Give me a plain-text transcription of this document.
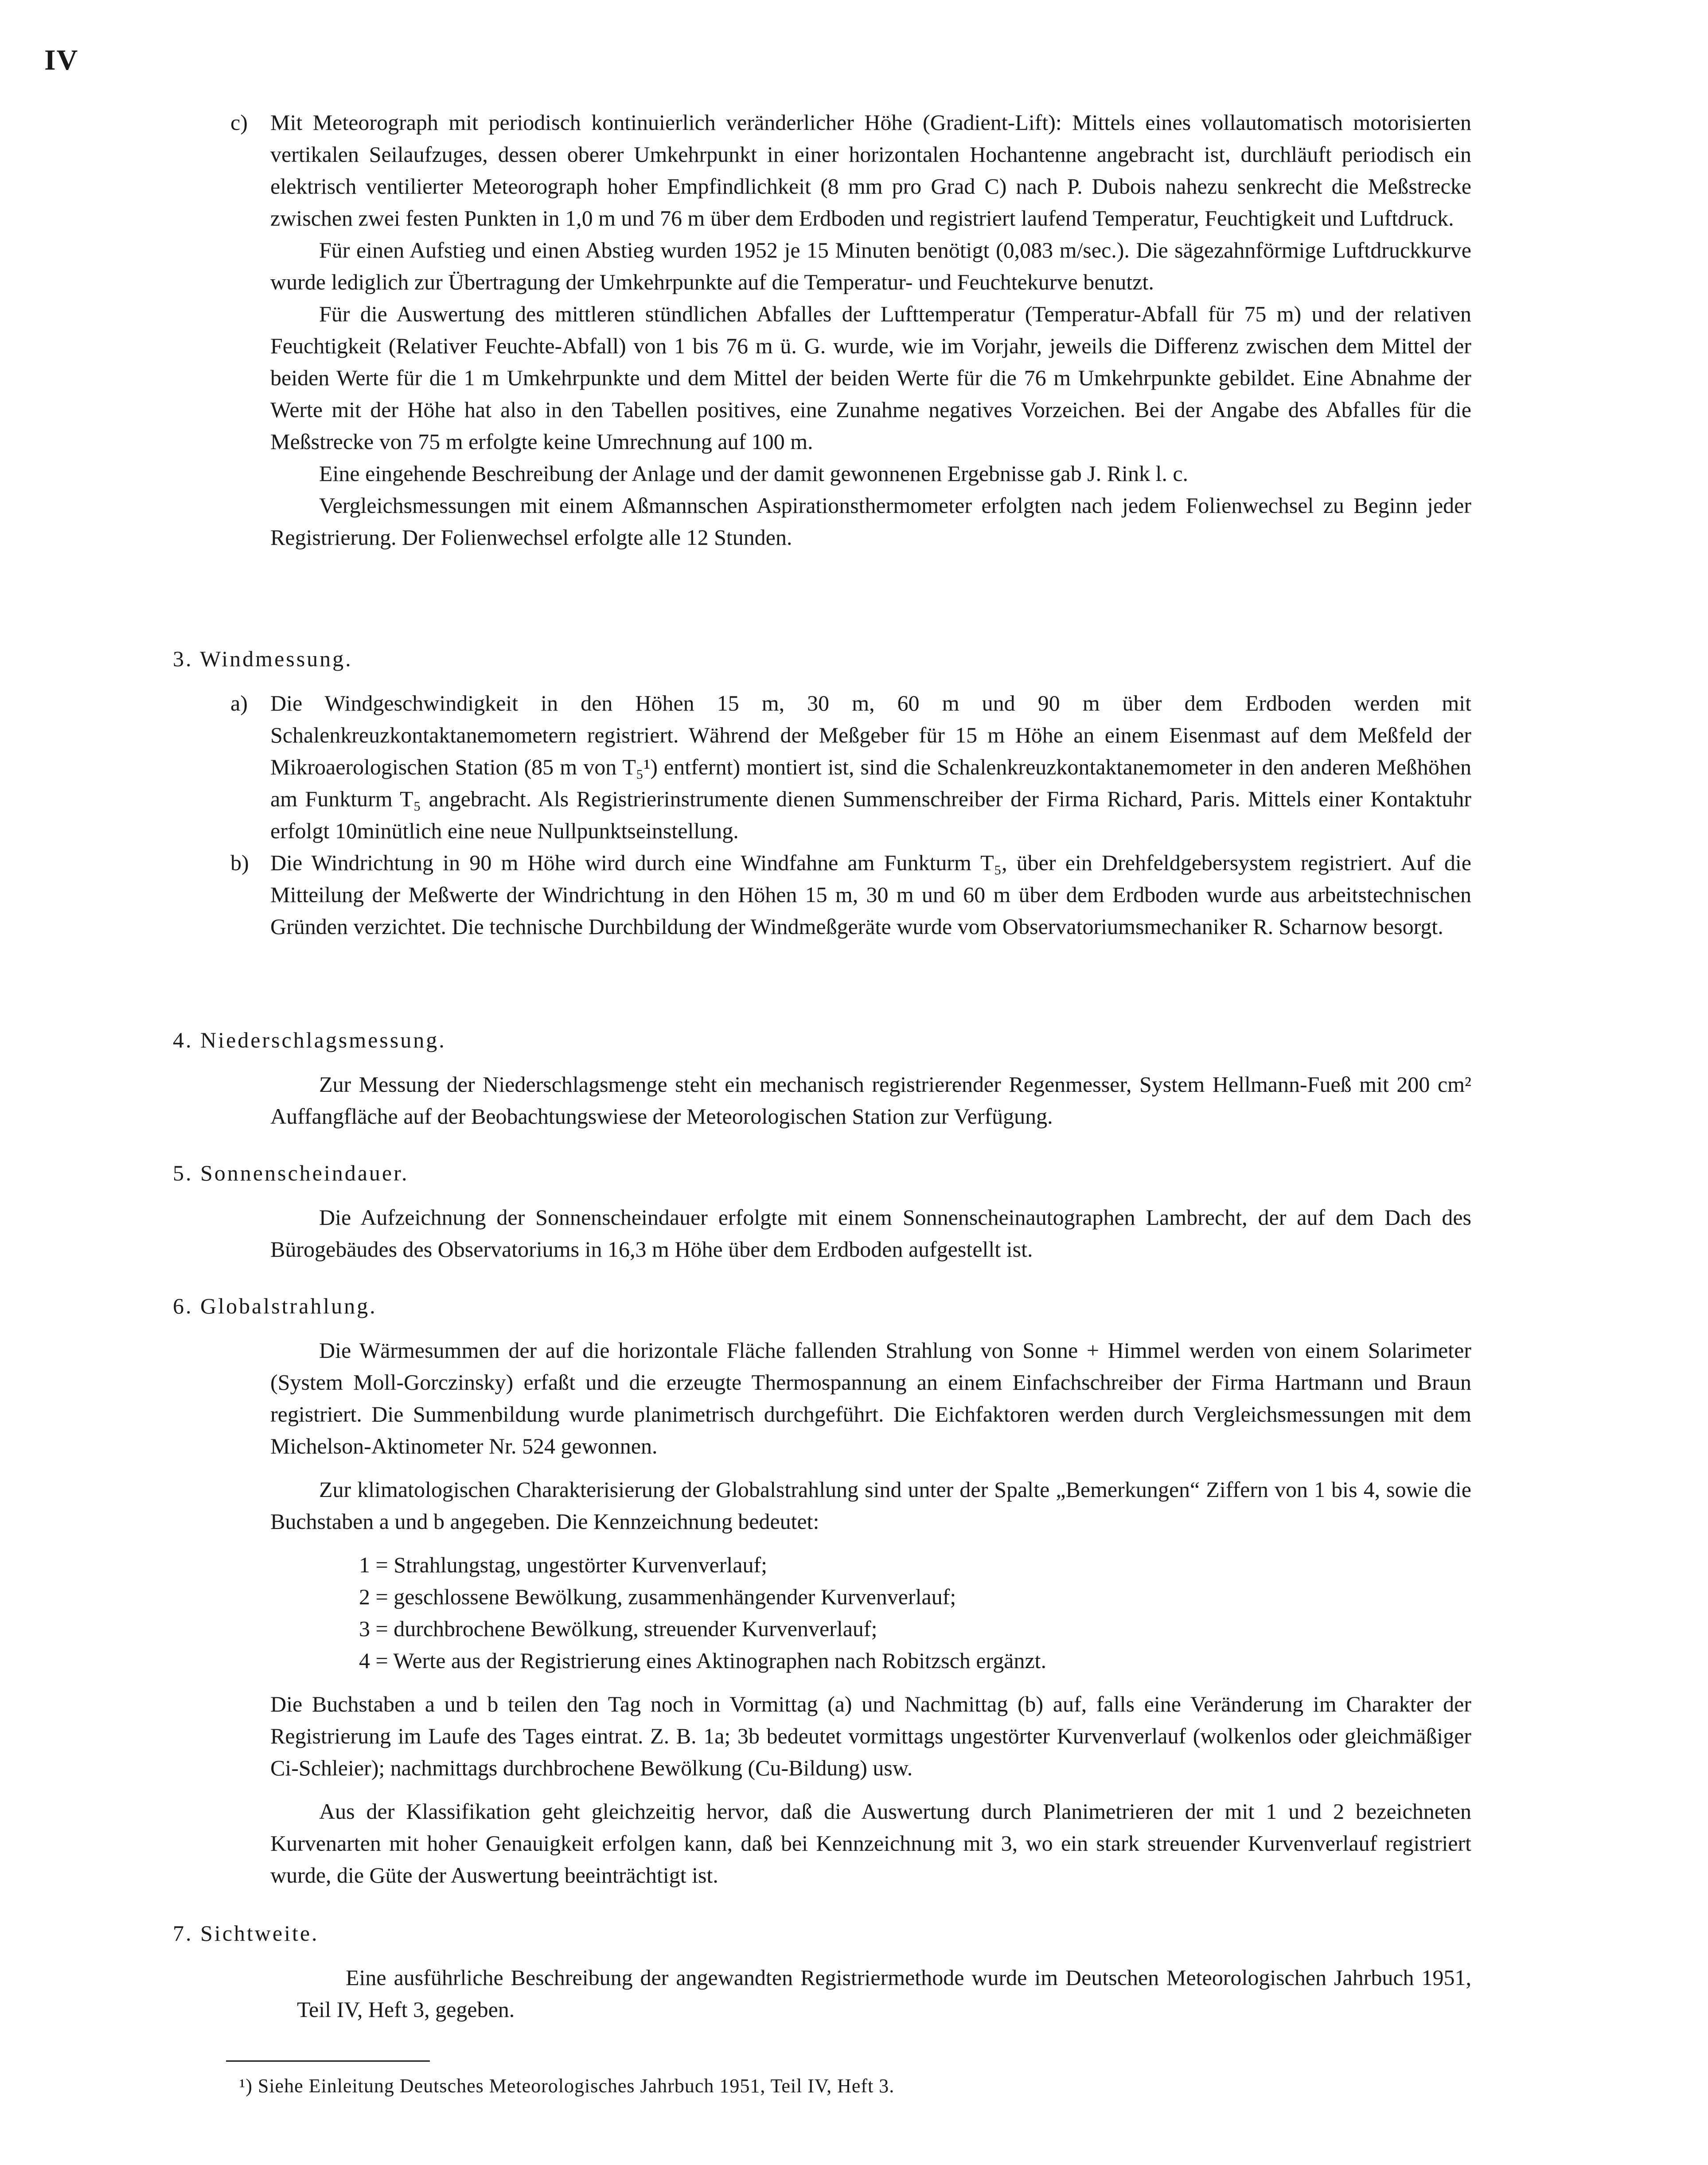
IV
c) Mit Meteorograph mit periodisch kontinuierlich veränderlicher Höhe (Gradient-Lift): Mittels eines vollautomatisch motorisierten vertikalen Seilaufzuges, dessen oberer Umkehrpunkt in einer horizontalen Hochantenne angebracht ist, durchläuft periodisch ein elektrisch ventilierter Meteorograph hoher Empfindlichkeit (8 mm pro Grad C) nach P. Dubois nahezu senkrecht die Meßstrecke zwischen zwei festen Punkten in 1,0 m und 76 m über dem Erdboden und registriert laufend Temperatur, Feuchtigkeit und Luftdruck.

Für einen Aufstieg und einen Abstieg wurden 1952 je 15 Minuten benötigt (0,083 m/sec.). Die sägezahnförmige Luftdruckkurve wurde lediglich zur Übertragung der Umkehrpunkte auf die Temperatur- und Feuchtekurve benutzt.

Für die Auswertung des mittleren stündlichen Abfalles der Lufttemperatur (Temperatur-Abfall für 75 m) und der relativen Feuchtigkeit (Relativer Feuchte-Abfall) von 1 bis 76 m ü. G. wurde, wie im Vorjahr, jeweils die Differenz zwischen dem Mittel der beiden Werte für die 1 m Umkehrpunkte und dem Mittel der beiden Werte für die 76 m Umkehrpunkte gebildet. Eine Abnahme der Werte mit der Höhe hat also in den Tabellen positives, eine Zunahme negatives Vorzeichen. Bei der Angabe des Abfalles für die Meßstrecke von 75 m erfolgte keine Umrechnung auf 100 m.

Eine eingehende Beschreibung der Anlage und der damit gewonnenen Ergebnisse gab J. Rink l. c.

Vergleichsmessungen mit einem Aßmannschen Aspirationsthermometer erfolgten nach jedem Folienwechsel zu Beginn jeder Registrierung. Der Folienwechsel erfolgte alle 12 Stunden.

3. Windmessung.
a) Die Windgeschwindigkeit in den Höhen 15 m, 30 m, 60 m und 90 m über dem Erdboden werden mit Schalenkreuzkontaktanemometern registriert. Während der Meßgeber für 15 m Höhe an einem Eisenmast auf dem Meßfeld der Mikroaerologischen Station (85 m von T₅¹) entfernt) montiert ist, sind die Schalenkreuzkontaktanemometer in den anderen Meßhöhen am Funkturm T₅ angebracht. Als Registrierinstrumente dienen Summenschreiber der Firma Richard, Paris. Mittels einer Kontaktuhr erfolgt 10minütlich eine neue Nullpunktseinstellung.

b) Die Windrichtung in 90 m Höhe wird durch eine Windfahne am Funkturm T₅, über ein Drehfeldgebersystem registriert. Auf die Mitteilung der Meßwerte der Windrichtung in den Höhen 15 m, 30 m und 60 m über dem Erdboden wurde aus arbeitstechnischen Gründen verzichtet. Die technische Durchbildung der Windmeßgeräte wurde vom Observatoriumsmechaniker R. Scharnow besorgt.

4. Niederschlagsmessung.

Zur Messung der Niederschlagsmenge steht ein mechanisch registrierender Regenmesser, System Hellmann-Fueß mit 200 cm² Auffangfläche auf der Beobachtungswiese der Meteorologischen Station zur Verfügung.

5. Sonnenscheindauer.

Die Aufzeichnung der Sonnenscheindauer erfolgte mit einem Sonnenscheinautographen Lambrecht, der auf dem Dach des Bürogebäudes des Observatoriums in 16,3 m Höhe über dem Erdboden aufgestellt ist.

6. Globalstrahlung.

Die Wärmesummen der auf die horizontale Fläche fallenden Strahlung von Sonne + Himmel werden von einem Solarimeter (System Moll-Gorczinsky) erfaßt und die erzeugte Thermospannung an einem Einfachschreiber der Firma Hartmann und Braun registriert. Die Summenbildung wurde planimetrisch durchgeführt. Die Eichfaktoren werden durch Vergleichsmessungen mit dem Michelson-Aktinometer Nr. 524 gewonnen.

Zur klimatologischen Charakterisierung der Globalstrahlung sind unter der Spalte „Bemerkungen“ Ziffern von 1 bis 4, sowie die Buchstaben a und b angegeben. Die Kennzeichnung bedeutet:

1 = Strahlungstag, ungestörter Kurvenverlauf;
2 = geschlossene Bewölkung, zusammenhängender Kurvenverlauf;
3 = durchbrochene Bewölkung, streuender Kurvenverlauf;
4 = Werte aus der Registrierung eines Aktinographen nach Robitzsch ergänzt.

Die Buchstaben a und b teilen den Tag noch in Vormittag (a) und Nachmittag (b) auf, falls eine Veränderung im Charakter der Registrierung im Laufe des Tages eintrat. Z. B. 1a; 3b bedeutet vormittags ungestörter Kurvenverlauf (wolkenlos oder gleichmäßiger Ci-Schleier); nachmittags durchbrochene Bewölkung (Cu-Bildung) usw.

Aus der Klassifikation geht gleichzeitig hervor, daß die Auswertung durch Planimetrieren der mit 1 und 2 bezeichneten Kurvenarten mit hoher Genauigkeit erfolgen kann, daß bei Kennzeichnung mit 3, wo ein stark streuender Kurvenverlauf registriert wurde, die Güte der Auswertung beeinträchtigt ist.

7. Sichtweite.

Eine ausführliche Beschreibung der angewandten Registriermethode wurde im Deutschen Meteorologischen Jahrbuch 1951, Teil IV, Heft 3, gegeben.

¹) Siehe Einleitung Deutsches Meteorologisches Jahrbuch 1951, Teil IV, Heft 3.
